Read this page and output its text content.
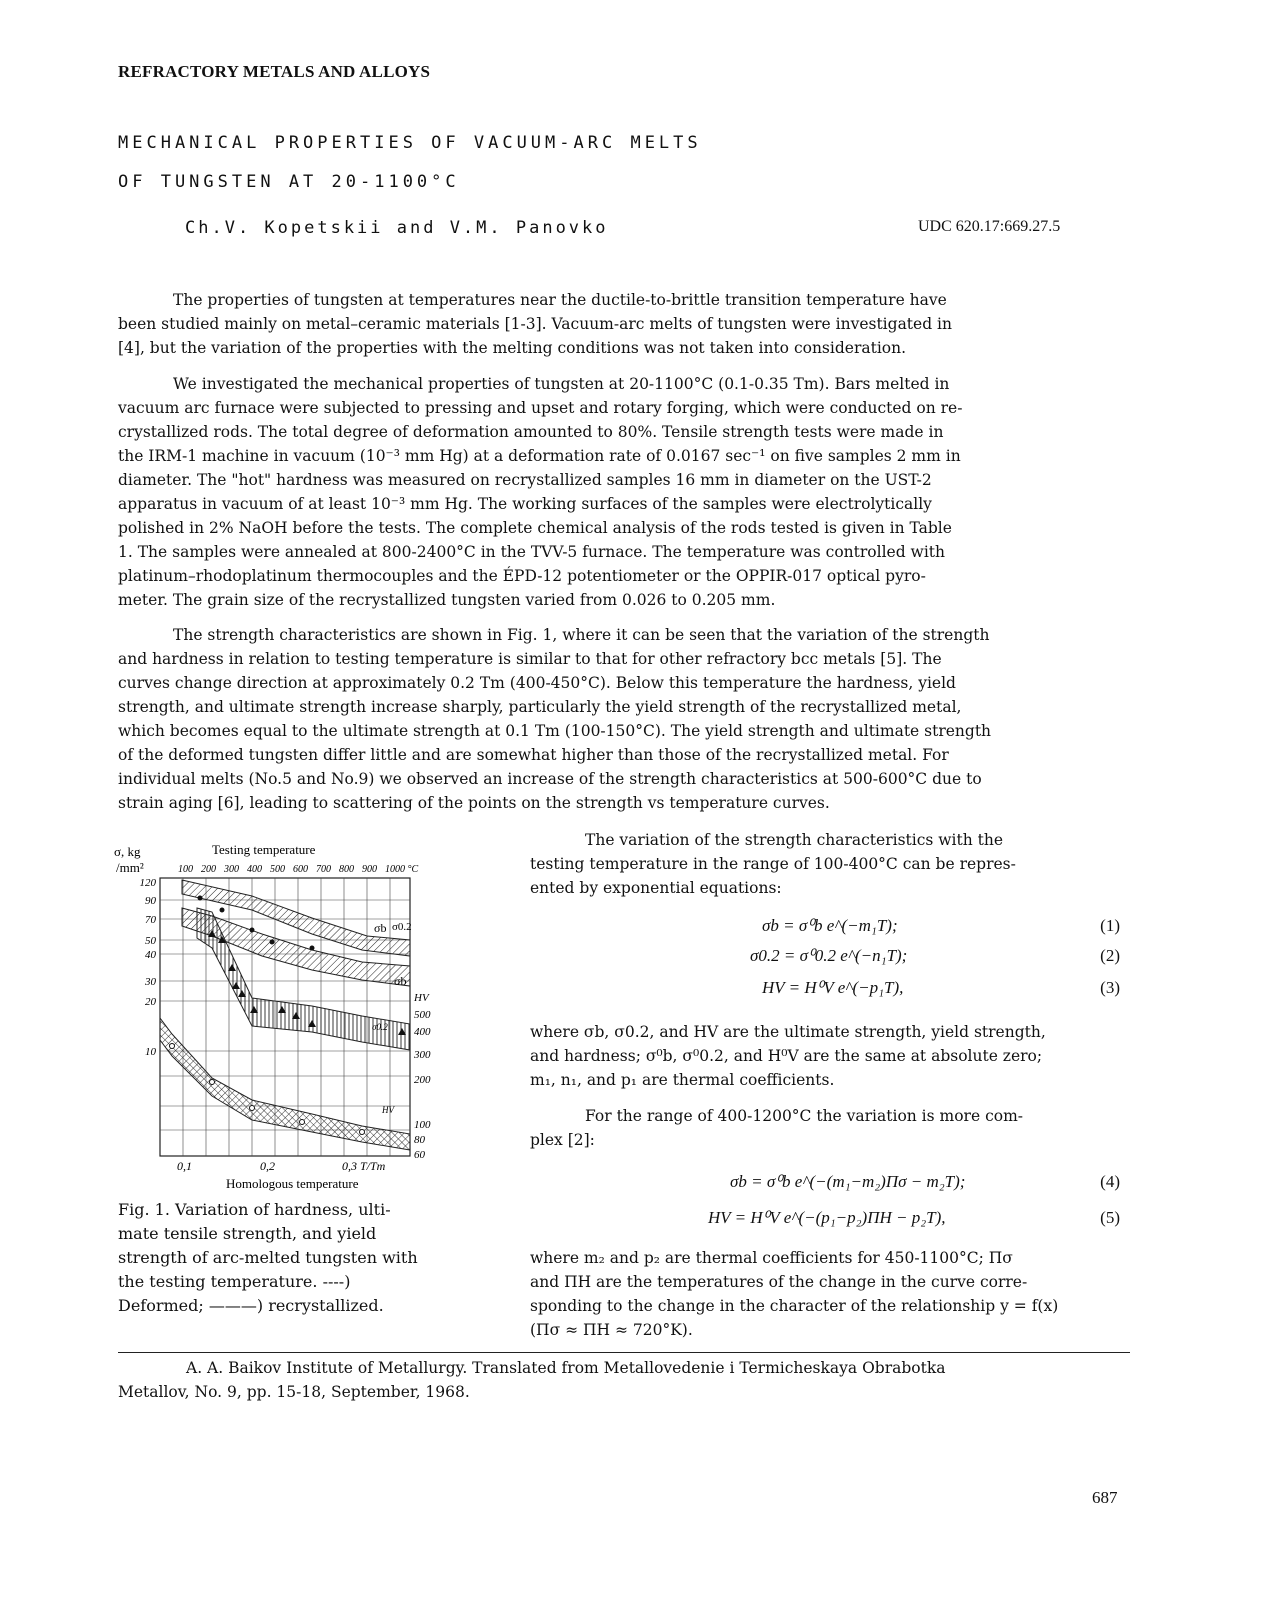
REFRACTORY METALS AND ALLOYS
MECHANICAL PROPERTIES OF VACUUM-ARC MELTS
OF TUNGSTEN AT 20-1100°C
Ch.V. Kopetskii and V.M. Panovko	UDC 620.17:669.27.5
The properties of tungsten at temperatures near the ductile-to-brittle transition temperature have
been studied mainly on metal–ceramic materials [1-3]. Vacuum-arc melts of tungsten were investigated in
[4], but the variation of the properties with the melting conditions was not taken into consideration.
We investigated the mechanical properties of tungsten at 20-1100°C (0.1-0.35 Tm). Bars melted in
vacuum arc furnace were subjected to pressing and upset and rotary forging, which were conducted on re-
crystallized rods. The total degree of deformation amounted to 80%. Tensile strength tests were made in
the IRM-1 machine in vacuum (10⁻³ mm Hg) at a deformation rate of 0.0167 sec⁻¹ on five samples 2 mm in
diameter. The "hot" hardness was measured on recrystallized samples 16 mm in diameter on the UST-2
apparatus in vacuum of at least 10⁻³ mm Hg. The working surfaces of the samples were electrolytically
polished in 2% NaOH before the tests. The complete chemical analysis of the rods tested is given in Table
1. The samples were annealed at 800-2400°C in the TVV-5 furnace. The temperature was controlled with
platinum–rhodoplatinum thermocouples and the ÉPD-12 potentiometer or the OPPIR-017 optical pyro-
meter. The grain size of the recrystallized tungsten varied from 0.026 to 0.205 mm.
The strength characteristics are shown in Fig. 1, where it can be seen that the variation of the strength
and hardness in relation to testing temperature is similar to that for other refractory bcc metals [5]. The
curves change direction at approximately 0.2 Tm (400-450°C). Below this temperature the hardness, yield
strength, and ultimate strength increase sharply, particularly the yield strength of the recrystallized metal,
which becomes equal to the ultimate strength at 0.1 Tm (100-150°C). The yield strength and ultimate strength
of the deformed tungsten differ little and are somewhat higher than those of the recrystallized metal. For
individual melts (No.5 and No.9) we observed an increase of the strength characteristics at 500-600°C due to
strain aging [6], leading to scattering of the points on the strength vs temperature curves.
σ, kg
/mm²
Testing temperature
100 200 300 400 500 600 700 800 900 1000 °C
120
90
70
50
40
30
20
10
σb σ0.2
σb
σ0.2
HV
HV
500
400
300
200
100
80
60
0,1	0,2	0,3 T/Tm
Homologous temperature
Fig. 1. Variation of hardness, ulti-
mate tensile strength, and yield
strength of arc-melted tungsten with
the testing temperature. ----)
Deformed; ———) recrystallized.
The variation of the strength characteristics with the
testing temperature in the range of 100-400°C can be repres-
ented by exponential equations:
σb = σ⁰b e^(−m₁T);	(1)
σ0.2 = σ⁰0.2 e^(−n₁T);	(2)
HV = H⁰V e^(−p₁T),	(3)
where σb, σ0.2, and HV are the ultimate strength, yield strength,
and hardness; σ⁰b, σ⁰0.2, and H⁰V are the same at absolute zero;
m₁, n₁, and p₁ are thermal coefficients.
For the range of 400-1200°C the variation is more com-
plex [2]:
σb = σ⁰b e^(−(m₁−m₂)Πσ − m₂T);	(4)
HV = H⁰V e^(−(p₁−p₂)ΠH − p₂T),	(5)
where m₂ and p₂ are thermal coefficients for 450-1100°C; Πσ
and ΠH are the temperatures of the change in the curve corre-
sponding to the change in the character of the relationship y = f(x)
(Πσ ≈ ΠH ≈ 720°K).
A. A. Baikov Institute of Metallurgy. Translated from Metallovedenie i Termicheskaya Obrabotka
Metallov, No. 9, pp. 15-18, September, 1968.
687
